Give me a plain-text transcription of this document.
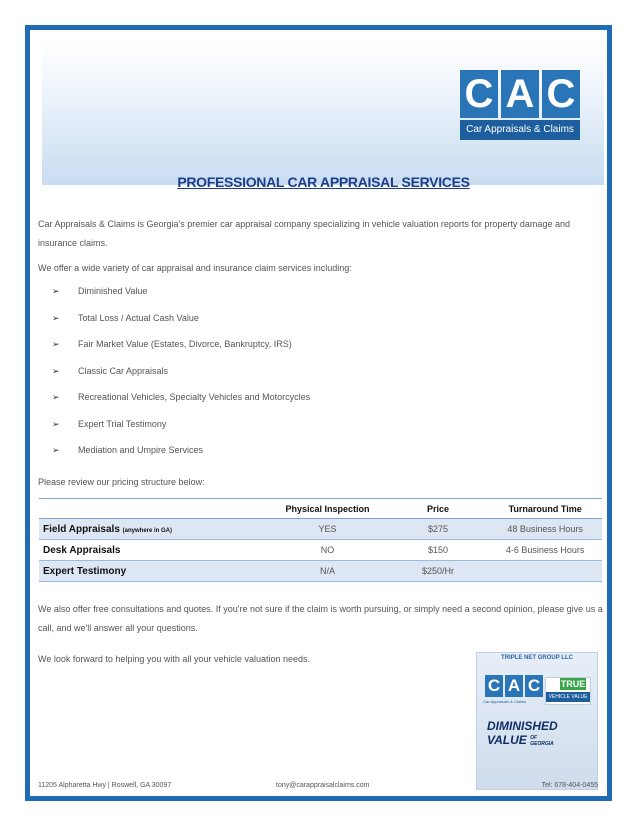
C A C
Car Appraisals & Claims
PROFESSIONAL CAR APPRAISAL SERVICES
Car Appraisals & Claims is Georgia's premier car appraisal company specializing in vehicle valuation reports for property damage and insurance claims.
We offer a wide variety of car appraisal and insurance claim services including:
➢	Diminished Value
➢	Total Loss / Actual Cash Value
➢	Fair Market Value (Estates, Divorce, Bankruptcy, IRS)
➢	Classic Car Appraisals
➢	Recreational Vehicles, Specialty Vehicles and Motorcycles
➢	Expert Trial Testimony
➢	Mediation and Umpire Services
Please review our pricing structure below:
	Physical Inspection	Price	Turnaround Time
Field Appraisals (anywhere in GA)	YES	$275	48 Business Hours
Desk Appraisals	NO	$150	4-6 Business Hours
Expert Testimony	N/A	$250/Hr	
We also offer free consultations and quotes. If you're not sure if the claim is worth pursuing, or simply need a second opinion, please give us a call, and we'll answer all your questions.
We look forward to helping you with all your vehicle valuation needs.	TRIPLE NET GROUP LLC
C A C
Car Appraisals & Claims
TRUE
VEHICLE VALUE
DIMINISHED
VALUE OF
GEORGIA
11205 Alpharetta Hwy | Roswell, GA 30097	tony@carappraisalclaims.com	Tel: 678-404-0455
